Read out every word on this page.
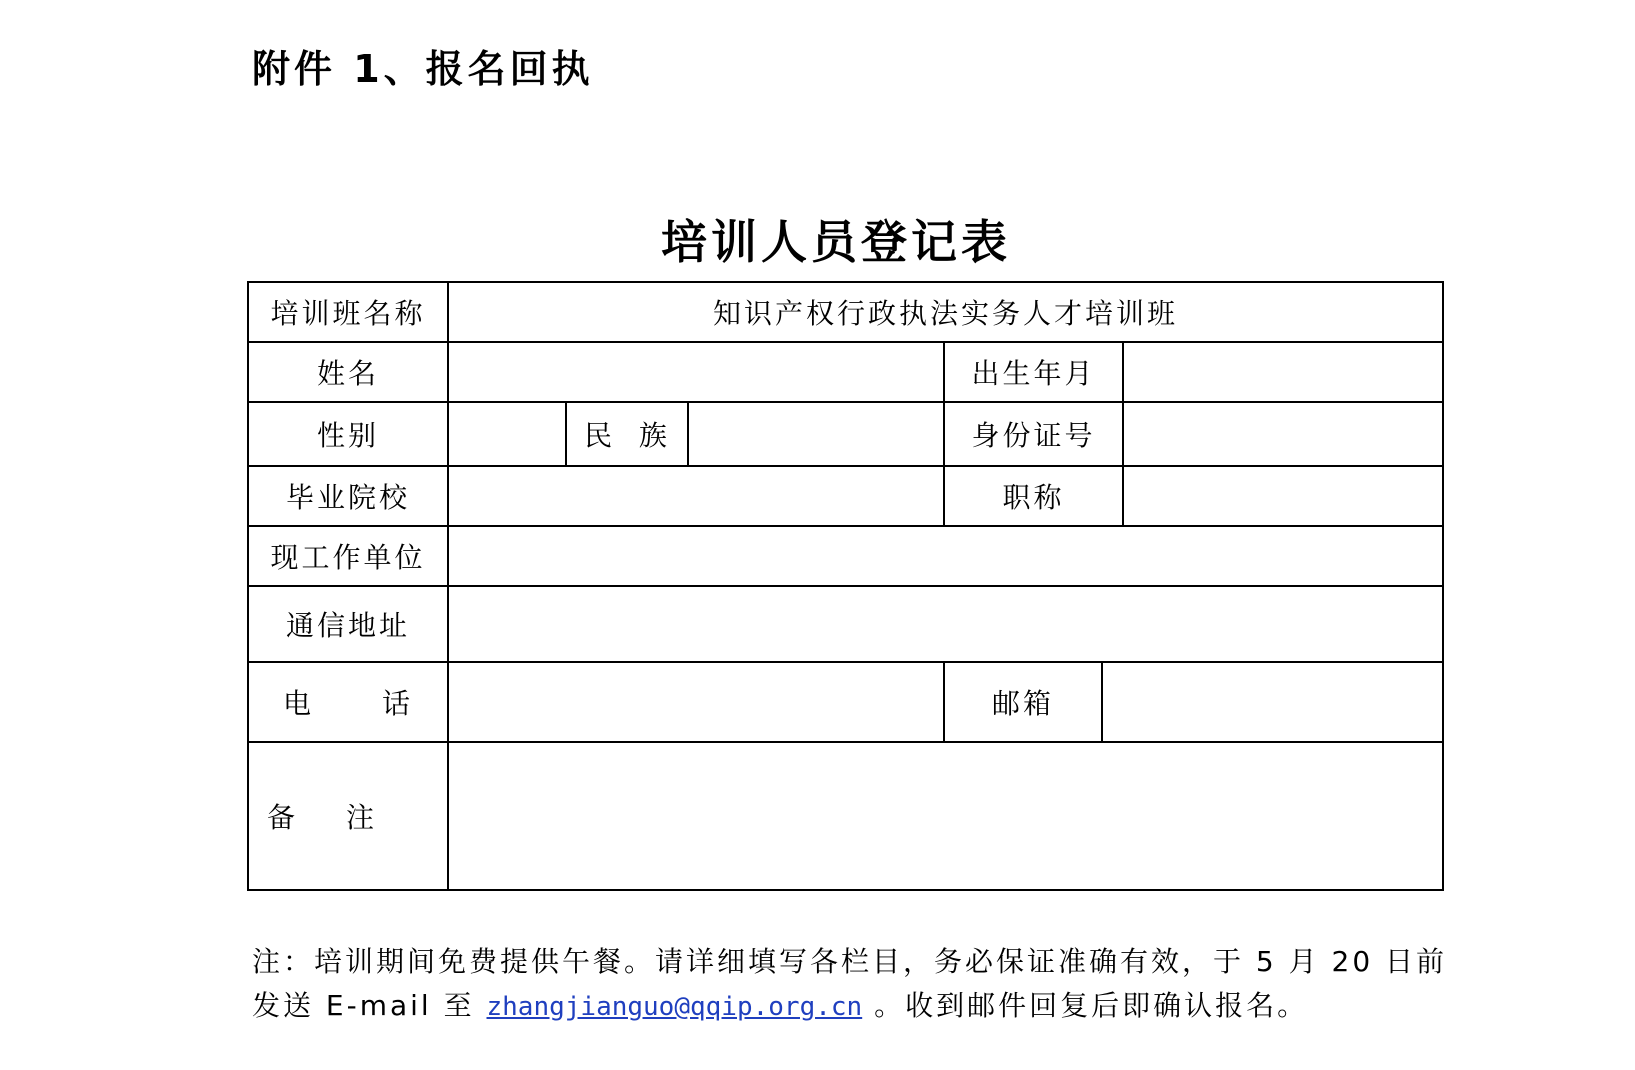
附件 1、报名回执
培训人员登记表
培训班名称	知识产权行政执法实务人才培训班					
姓名				出生年月		
性别		民 族		身份证号		
毕业院校				职称		
现工作单位						
通信地址						

电 话				邮箱		

备 注						

注：培训期间免费提供午餐。请详细填写各栏目，务必保证准确有效，于 5 月 20 日前
发送 E-mail 至 zhangjianguo@qqip.org.cn 。收到邮件回复后即确认报名。
